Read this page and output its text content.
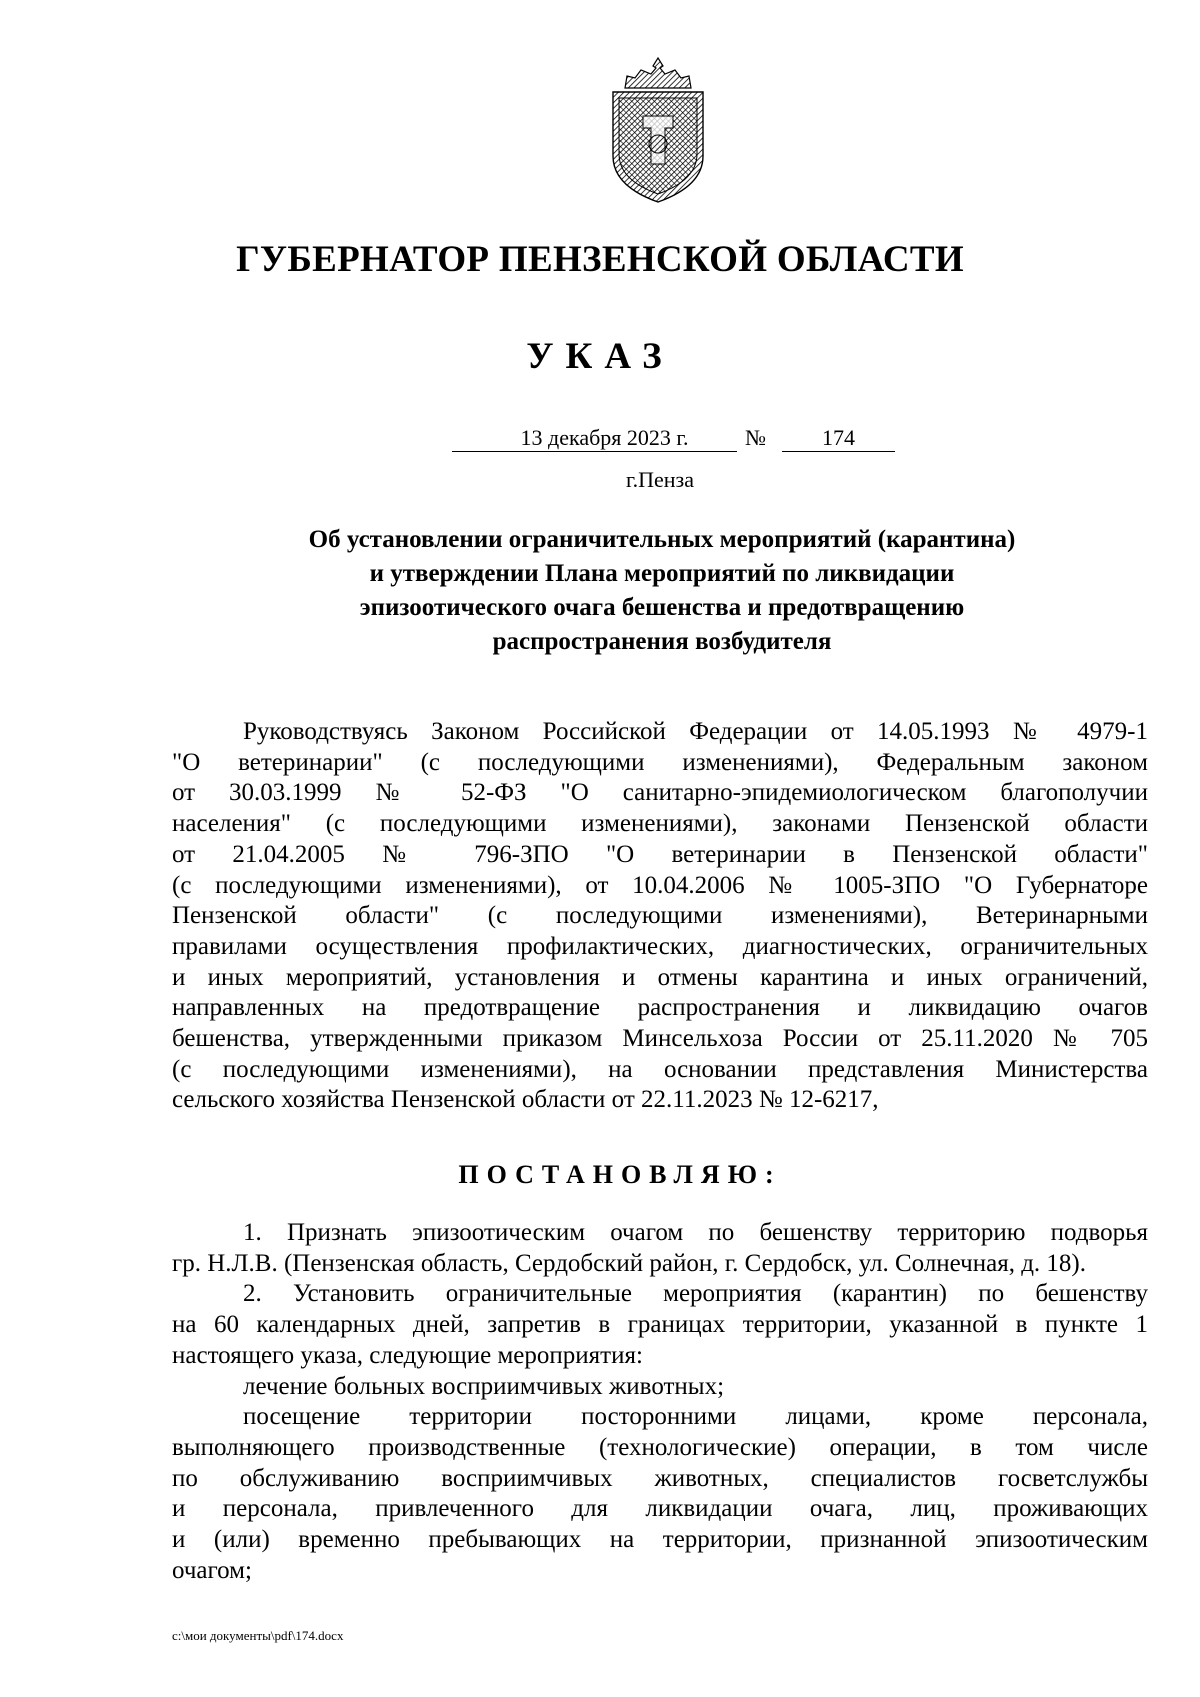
ГУБЕРНАТОР ПЕНЗЕНСКОЙ ОБЛАСТИ
УКАЗ
13 декабря 2023 г.	№	174
г.Пенза
Об установлении ограничительных мероприятий (карантина)
и утверждении Плана мероприятий по ликвидации
эпизоотического очага бешенства и предотвращению
распространения возбудителя
Руководствуясь Законом Российской Федерации от 14.05.1993 № 4979-1
"О ветеринарии" (с последующими изменениями), Федеральным законом
от 30.03.1999 № 52-ФЗ "О санитарно-эпидемиологическом благополучии
населения" (с последующими изменениями), законами Пензенской области
от 21.04.2005 № 796-ЗПО "О ветеринарии в Пензенской области"
(с последующими изменениями), от 10.04.2006 № 1005-ЗПО "О Губернаторе
Пензенской области" (с последующими изменениями), Ветеринарными
правилами осуществления профилактических, диагностических, ограничительных
и иных мероприятий, установления и отмены карантина и иных ограничений,
направленных на предотвращение распространения и ликвидацию очагов
бешенства, утвержденными приказом Минсельхоза России от 25.11.2020 № 705
(с последующими изменениями), на основании представления Министерства
сельского хозяйства Пензенской области от 22.11.2023 № 12-6217,
ПОСТАНОВЛЯЮ:
1. Признать эпизоотическим очагом по бешенству территорию подворья
гр. Н.Л.В. (Пензенская область, Сердобский район, г. Сердобск, ул. Солнечная, д. 18).
2. Установить ограничительные мероприятия (карантин) по бешенству
на 60 календарных дней, запретив в границах территории, указанной в пункте 1
настоящего указа, следующие мероприятия:
лечение больных восприимчивых животных;
посещение территории посторонними лицами, кроме персонала,
выполняющего производственные (технологические) операции, в том числе
по обслуживанию восприимчивых животных, специалистов госветслужбы
и персонала, привлеченного для ликвидации очага, лиц, проживающих
и (или) временно пребывающих на территории, признанной эпизоотическим
очагом;
c:\мои документы\pdf\174.docx
